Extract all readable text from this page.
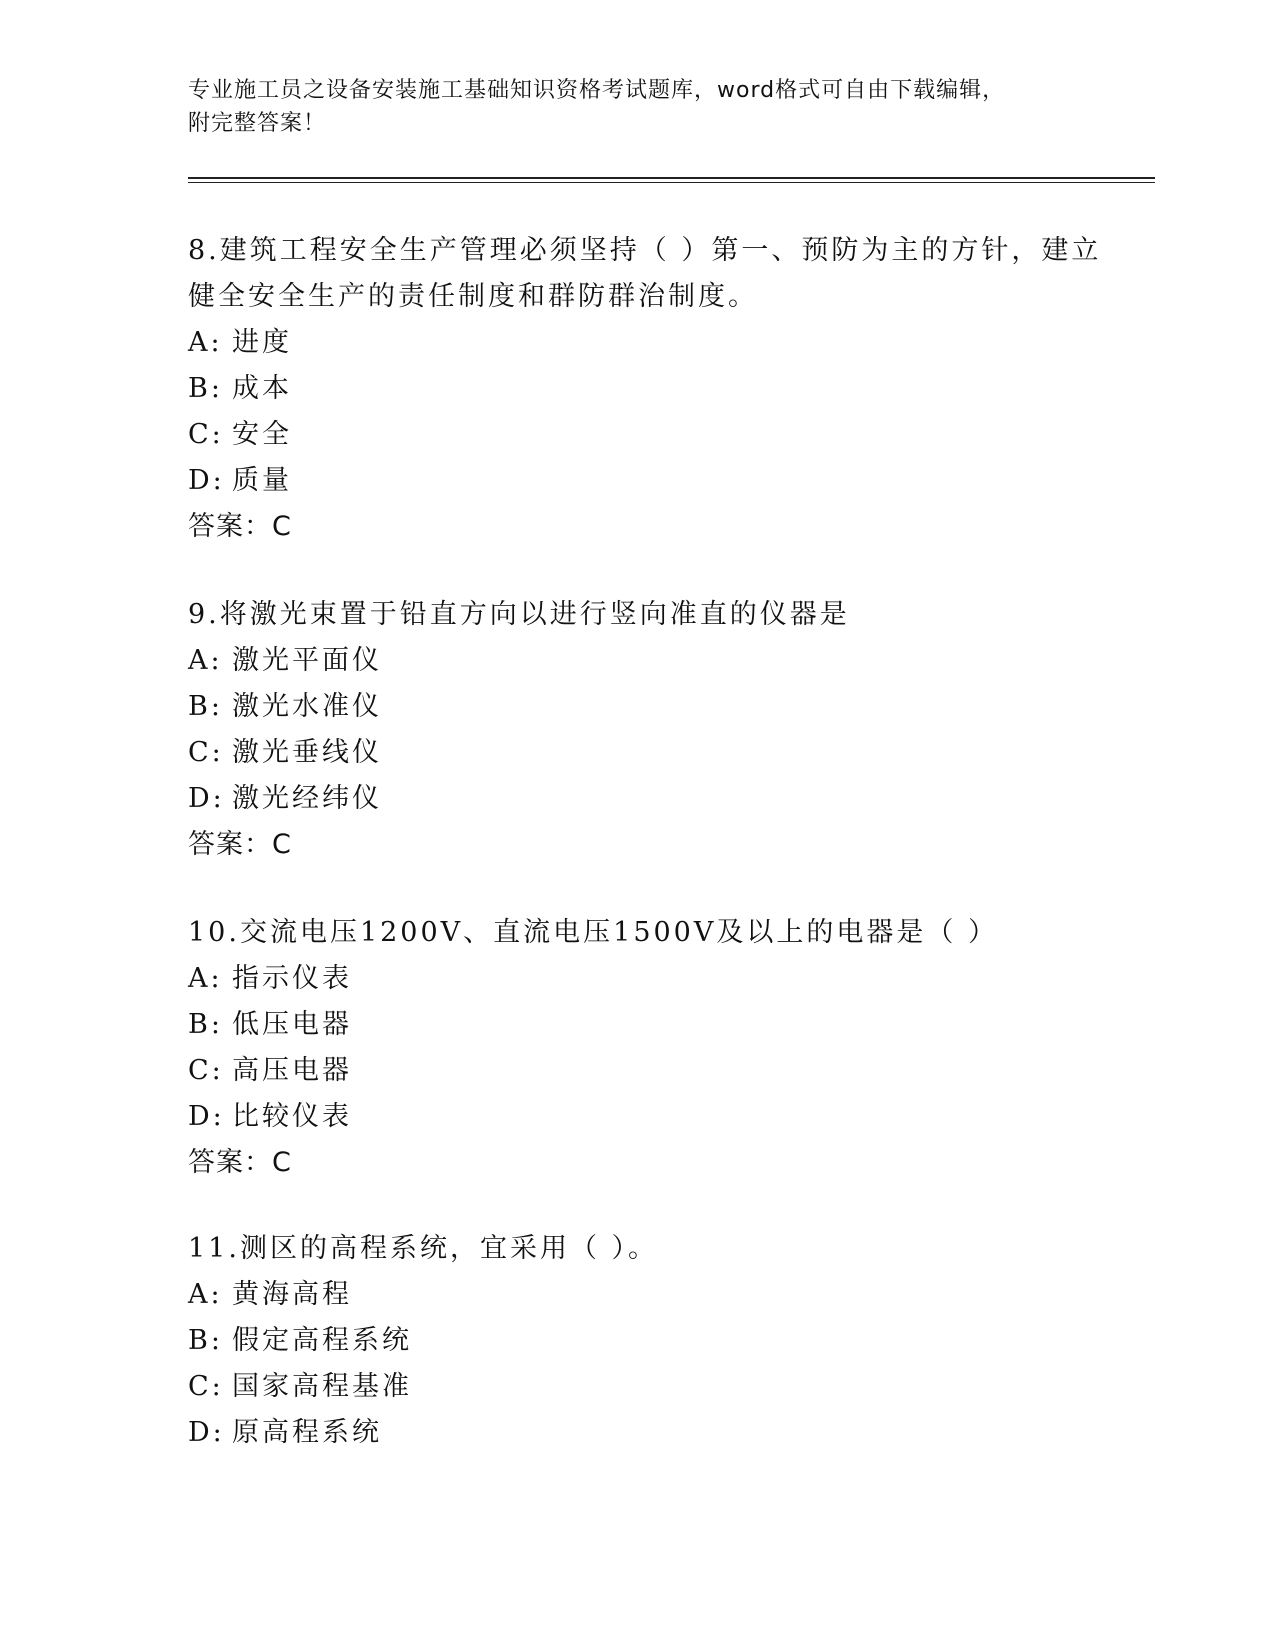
专业施工员之设备安装施工基础知识资格考试题库，word格式可自由下载编辑，
附完整答案！
8.建筑工程安全生产管理必须坚持（ ）第一、预防为主的方针，建立
健全安全生产的责任制度和群防群治制度。
A: 进度
B: 成本
C: 安全
D: 质量
答案：C
9.将激光束置于铅直方向以进行竖向准直的仪器是
A: 激光平面仪
B: 激光水准仪
C: 激光垂线仪
D: 激光经纬仪
答案：C
10.交流电压1200V、直流电压1500V及以上的电器是（ ）
A: 指示仪表
B: 低压电器
C: 高压电器
D: 比较仪表
答案：C
11.测区的高程系统，宜采用（ ）。
A: 黄海高程
B: 假定高程系统
C: 国家高程基准
D: 原高程系统
